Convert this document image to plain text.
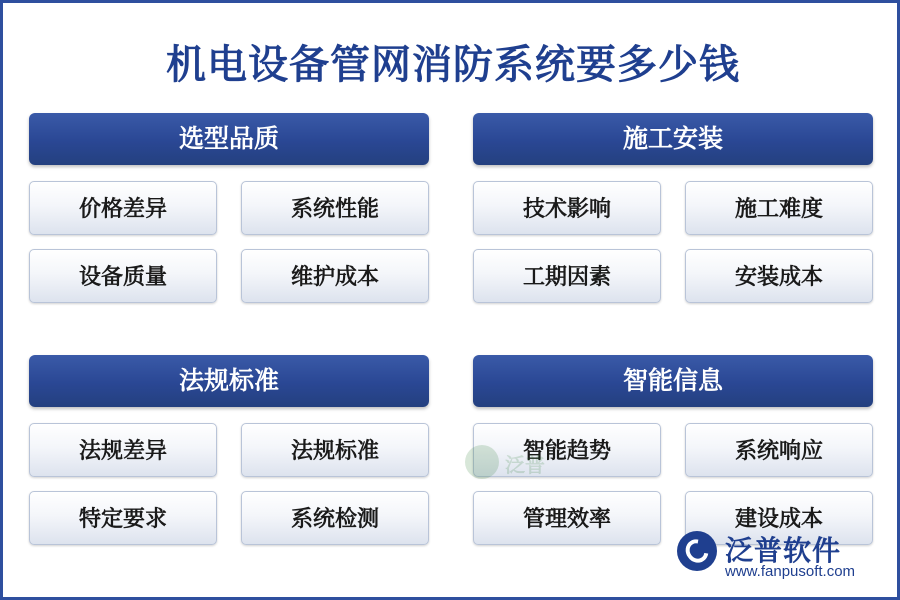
机电设备管网消防系统要多少钱
选型品质
价格差异	系统性能
设备质量	维护成本
施工安装
技术影响	施工难度
工期因素	安装成本
法规标准
法规差异	法规标准
特定要求	系统检测
智能信息
智能趋势	系统响应
管理效率	建设成本
泛普软件
www.fanpusoft.com
